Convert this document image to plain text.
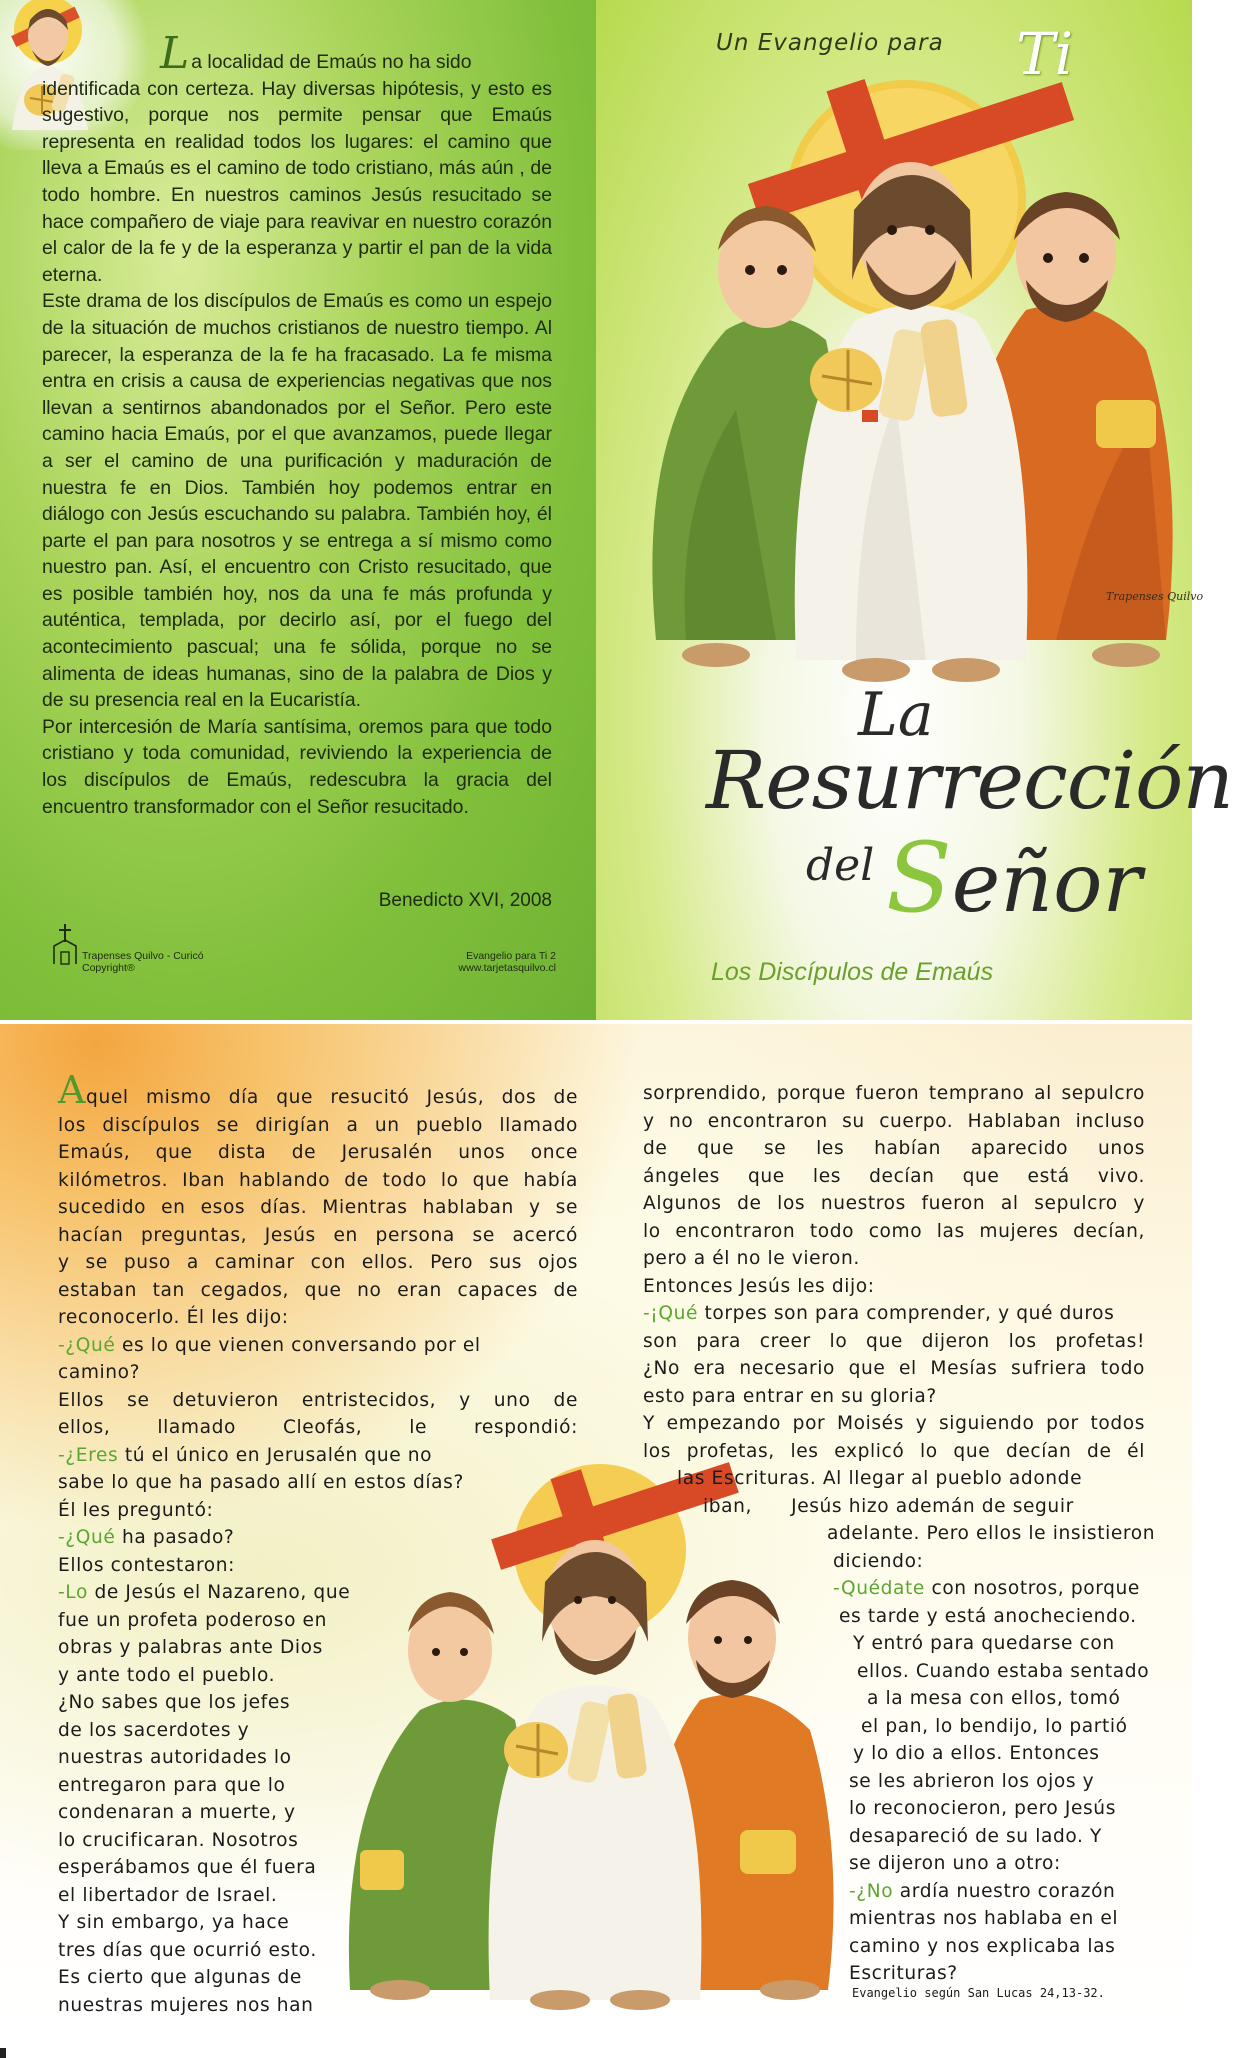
La localidad de Emaús no ha sido
identificada con certeza. Hay diversas hipótesis, y esto es sugestivo, porque nos permite pensar que Emaús representa en realidad todos los lugares: el camino que lleva a Emaús es el camino de todo cristiano, más aún , de todo hombre. En nuestros caminos Jesús resucitado se hace compañero de viaje para reavivar en nuestro corazón el calor de la fe y de la esperanza y partir el pan de la vida eterna.

Este drama de los discípulos de Emaús es como un espejo de la situación de muchos cristianos de nuestro tiempo. Al parecer, la esperanza de la fe ha fracasado. La fe misma entra en crisis a causa de experiencias negativas que nos llevan a sentirnos abandonados por el Señor. Pero este camino hacia Emaús, por el que avanzamos, puede llegar a ser el camino de una purificación y maduración de nuestra fe en Dios. También hoy podemos entrar en diálogo con Jesús escuchando su palabra. También hoy, él parte el pan para nosotros y se entrega a sí mismo como nuestro pan. Así, el encuentro con Cristo resucitado, que es posible también hoy, nos da una fe más profunda y auténtica, templada, por decirlo así, por el fuego del acontecimiento pascual; una fe sólida, porque no se alimenta de ideas humanas, sino de la palabra de Dios y de su presencia real en la Eucaristía.

Por intercesión de María santísima, oremos para que todo cristiano y toda comunidad, reviviendo la experiencia de los discípulos de Emaús, redescubra la gracia del encuentro transformador con el Señor resucitado.

Benedicto XVI, 2008
Trapenses Quilvo - Curicó
Copyright®
Evangelio para Ti 2
www.tarjetasquilvo.cl
Un Evangelio para Ti
Trapenses Quilvo
La
Resurrección
del Señor
Los Discípulos de Emaús
Aquel mismo día que resucitó Jesús, dos de
los discípulos se dirigían a un pueblo llamado
Emaús, que dista de Jerusalén unos once
kilómetros. Iban hablando de todo lo que había
sucedido en esos días. Mientras hablaban y se
hacían preguntas, Jesús en persona se acercó
y se puso a caminar con ellos. Pero sus ojos
estaban tan cegados, que no eran capaces de
reconocerlo. Él les dijo:
-¿Qué es lo que vienen conversando por el
camino?
Ellos se detuvieron entristecidos, y uno de
ellos, llamado Cleofás, le respondió:
-¿Eres tú el único en Jerusalén que no
sabe lo que ha pasado allí en estos días?
Él les preguntó:
-¿Qué ha pasado?
Ellos contestaron:
-Lo de Jesús el Nazareno, que
fue un profeta poderoso en
obras y palabras ante Dios
y ante todo el pueblo.
¿No sabes que los jefes
de los sacerdotes y
nuestras autoridades lo
entregaron para que lo
condenaran a muerte, y
lo crucificaran. Nosotros
esperábamos que él fuera
el libertador de Israel.
Y sin embargo, ya hace
tres días que ocurrió esto.
Es cierto que algunas de
nuestras mujeres nos han
sorprendido, porque fueron temprano al sepulcro
y no encontraron su cuerpo. Hablaban incluso
de que se les habían aparecido unos
ángeles que les decían que está vivo.
Algunos de los nuestros fueron al sepulcro y
lo encontraron todo como las mujeres decían,
pero a él no le vieron.
Entonces Jesús les dijo:
-¡Qué torpes son para comprender, y qué duros
son para creer lo que dijeron los profetas!
¿No era necesario que el Mesías sufriera todo
esto para entrar en su gloria?
Y empezando por Moisés y siguiendo por todos
los profetas, les explicó lo que decían de él
las Escrituras. Al llegar al pueblo adonde
iban,      Jesús hizo ademán de seguir
adelante. Pero ellos le insistieron
diciendo:
-Quédate con nosotros, porque
es tarde y está anocheciendo.
Y entró para quedarse con
ellos. Cuando estaba sentado
a la mesa con ellos, tomó
el pan, lo bendijo, lo partió
y lo dio a ellos. Entonces
se les abrieron los ojos y
lo reconocieron, pero Jesús
desapareció de su lado. Y
se dijeron uno a otro:
-¿No ardía nuestro corazón
mientras nos hablaba en el
camino y nos explicaba las
Escrituras?
Evangelio según San Lucas 24,13-32.
